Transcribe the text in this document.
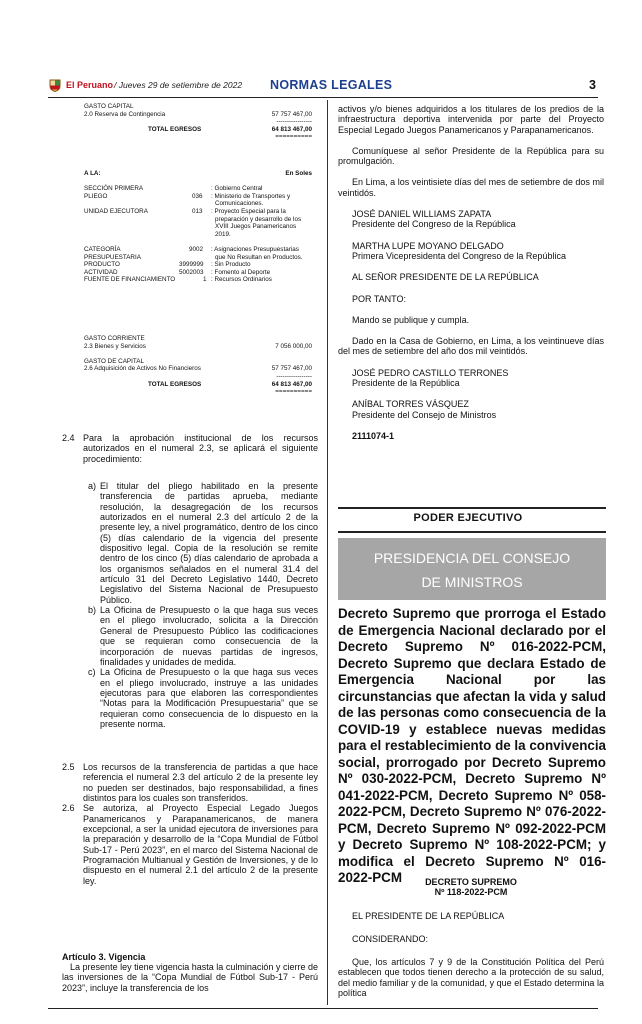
El Peruano / Jueves 29 de setiembre de 2022 NORMAS LEGALES	3
GASTO CAPITAL
2.0 Reserva de Contingencia	57 757 467,00
-----------------
TOTAL EGRESOS	64 813 467,00
==========
A LA:	En Soles
SECCIÓN PRIMERA	: Gobierno Central
PLIEGO	036 : Ministerio de Transportes y
Comunicaciones.
UNIDAD EJECUTORA	013 : Proyecto Especial para la
preparación y desarrollo de los
XVIII Juegos Panamericanos
2019.
CATEGORÍA	9002 : Asignaciones Presupuestarias
PRESUPUESTARIA	que No Resultan en Productos.
PRODUCTO	3999999 : Sin Producto
ACTIVIDAD	5002003 : Fomento al Deporte
FUENTE DE FINANCIAMIENTO	1 : Recursos Ordinarios
GASTO CORRIENTE
2.3 Bienes y Servicios	7 056 000,00
GASTO DE CAPITAL
2.6 Adquisición de Activos No Financieros	57 757 467,00
-----------------
TOTAL EGRESOS	64 813 467,00
==========
2.4 Para la aprobación institucional de los recursos autorizados en el numeral 2.3, se aplicará el siguiente procedimiento:

a) El titular del pliego habilitado en la presente transferencia de partidas aprueba, mediante resolución, la desagregación de los recursos autorizados en el numeral 2.3 del artículo 2 de la presente ley, a nivel programático, dentro de los cinco (5) días calendario de la vigencia del presente dispositivo legal. Copia de la resolución se remite dentro de los cinco (5) días calendario de aprobada a los organismos señalados en el numeral 31.4 del artículo 31 del Decreto Legislativo 1440, Decreto Legislativo del Sistema Nacional de Presupuesto Público.

b) La Oficina de Presupuesto o la que haga sus veces en el pliego involucrado, solicita a la Dirección General de Presupuesto Público las codificaciones que se requieran como consecuencia de la incorporación de nuevas partidas de ingresos, finalidades y unidades de medida.

c) La Oficina de Presupuesto o la que haga sus veces en el pliego involucrado, instruye a las unidades ejecutoras para que elaboren las correspondientes “Notas para la Modificación Presupuestaria” que se requieran como consecuencia de lo dispuesto en la presente norma.

2.5 Los recursos de la transferencia de partidas a que hace referencia el numeral 2.3 del artículo 2 de la presente ley no pueden ser destinados, bajo responsabilidad, a fines distintos para los cuales son transferidos.

2.6 Se autoriza, al Proyecto Especial Legado Juegos Panamericanos y Parapanamericanos, de manera excepcional, a ser la unidad ejecutora de inversiones para la preparación y desarrollo de la “Copa Mundial de Fútbol Sub-17 - Perú 2023”, en el marco del Sistema Nacional de Programación Multianual y Gestión de Inversiones, y de lo dispuesto en el numeral 2.1 del artículo 2 de la presente ley.

Artículo 3. Vigencia

La presente ley tiene vigencia hasta la culminación y cierre de las inversiones de la “Copa Mundial de Fútbol Sub-17 - Perú 2023”, incluye la transferencia de los

activos y/o bienes adquiridos a los titulares de los predios de la infraestructura deportiva intervenida por parte del Proyecto Especial Legado Juegos Panamericanos y Parapanamericanos.

Comuníquese al señor Presidente de la República para su promulgación.

En Lima, a los veintisiete días del mes de setiembre de dos mil veintidós.

JOSÉ DANIEL WILLIAMS ZAPATA
Presidente del Congreso de la República
MARTHA LUPE MOYANO DELGADO
Primera Vicepresidenta del Congreso de la República
AL SEÑOR PRESIDENTE DE LA REPÚBLICA
POR TANTO:
Mando se publique y cumpla.

Dado en la Casa de Gobierno, en Lima, a los veintinueve días del mes de setiembre del año dos mil veintidós.

JOSÉ PEDRO CASTILLO TERRONES
Presidente de la República
ANÍBAL TORRES VÁSQUEZ
Presidente del Consejo de Ministros
2111074-1
PODER EJECUTIVO
PRESIDENCIA DEL CONSEJO
DE MINISTROS
Decreto Supremo que prorroga el Estado de Emergencia Nacional declarado por el Decreto Supremo Nº 016-2022-PCM, Decreto Supremo que declara Estado de Emergencia Nacional por las circunstancias que afectan la vida y salud de las personas como consecuencia de la COVID-19 y establece nuevas medidas para el restablecimiento de la convivencia social, prorrogado por Decreto Supremo Nº 030-2022-PCM, Decreto Supremo Nº 041-2022-PCM, Decreto Supremo Nº 058-2022-PCM, Decreto Supremo Nº 076-2022-PCM, Decreto Supremo Nº 092-2022-PCM y Decreto Supremo Nº 108-2022-PCM; y modifica el Decreto Supremo Nº 016-2022-PCM	DECRETO SUPREMO
Nº 118-2022-PCM
EL PRESIDENTE DE LA REPÚBLICA
CONSIDERANDO:

Que, los artículos 7 y 9 de la Constitución Política del Perú establecen que todos tienen derecho a la protección de su salud, del medio familiar y de la comunidad, y que el Estado determina la política
